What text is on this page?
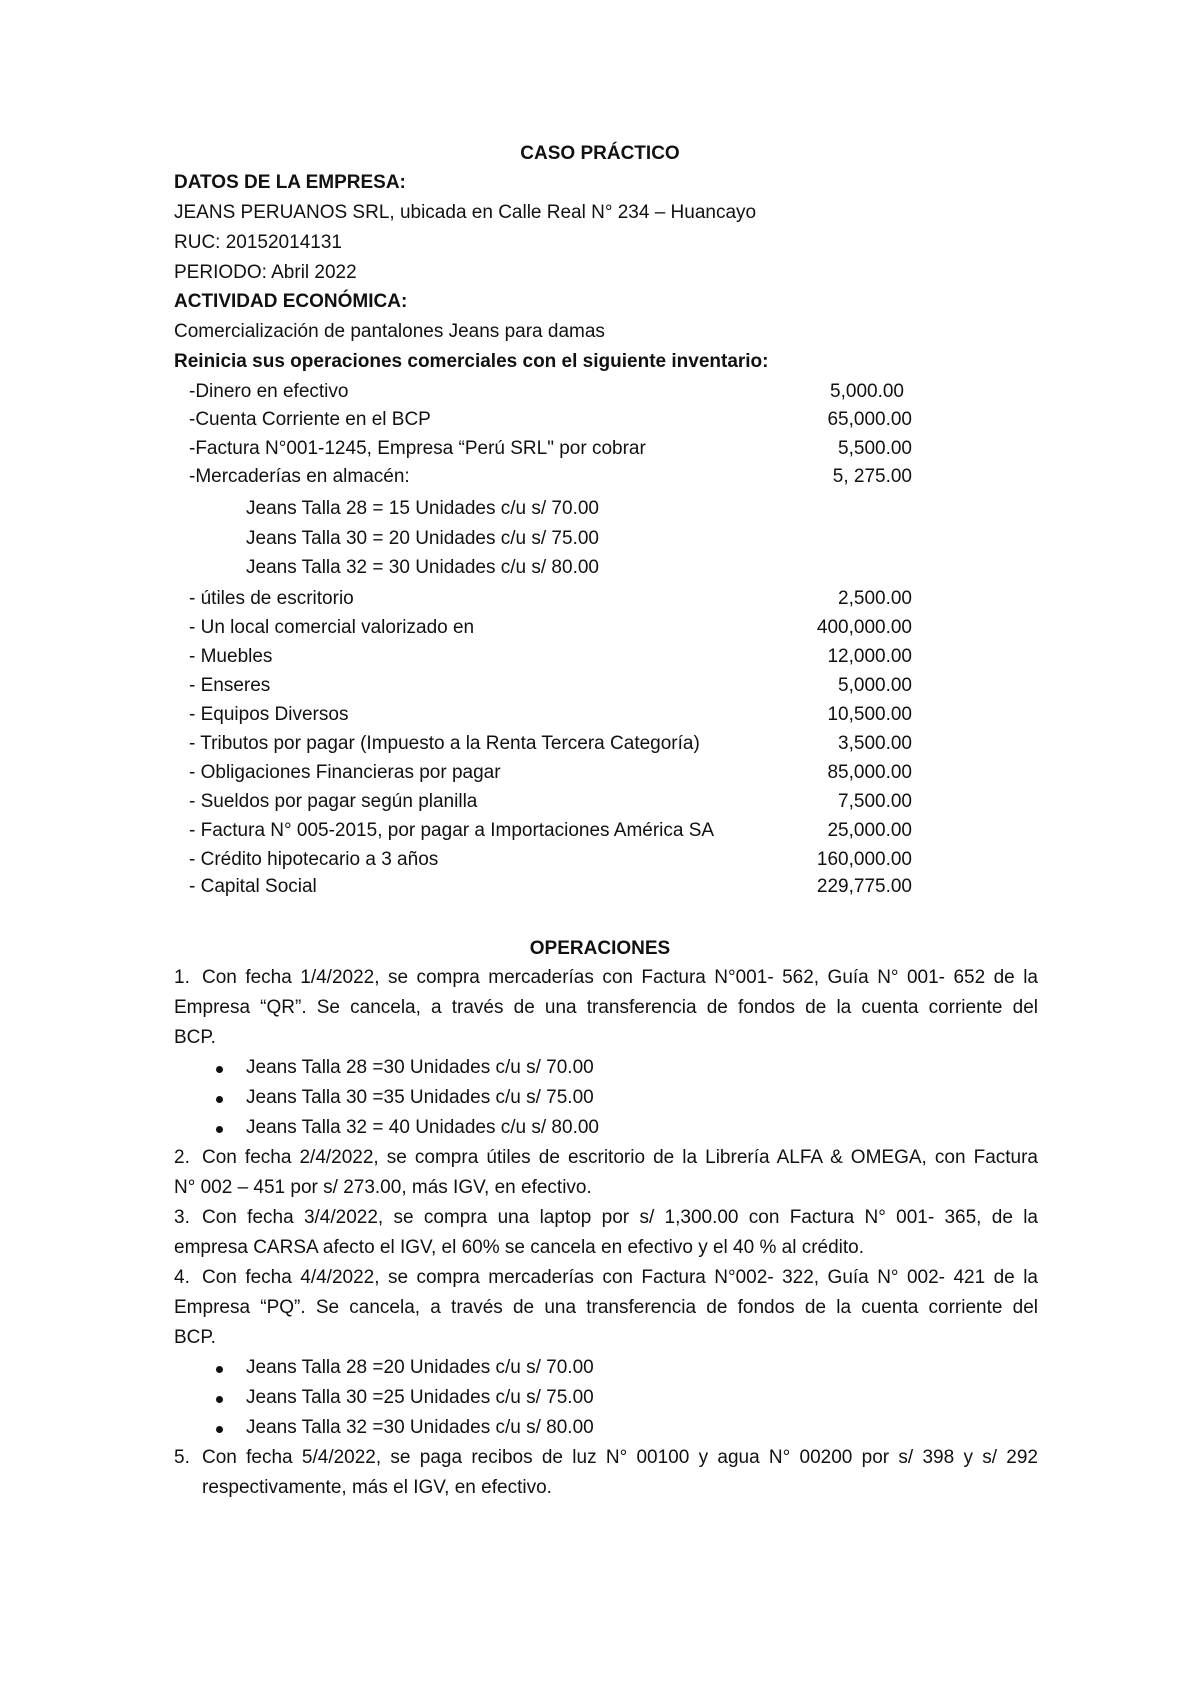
CASO PRÁCTICO
DATOS DE LA EMPRESA:
JEANS PERUANOS SRL, ubicada en Calle Real N° 234 – Huancayo
RUC: 20152014131
PERIODO: Abril 2022
ACTIVIDAD ECONÓMICA:
Comercialización de pantalones Jeans para damas
Reinicia sus operaciones comerciales con el siguiente inventario:
-Dinero en efectivo	5,000.00
-Cuenta Corriente en el BCP	65,000.00
-Factura N°001-1245, Empresa “Perú SRL" por cobrar	5,500.00
-Mercaderías en almacén:	5, 275.00
Jeans Talla 28 = 15 Unidades c/u s/ 70.00
Jeans Talla 30 = 20 Unidades c/u s/ 75.00
Jeans Talla 32 = 30 Unidades c/u s/ 80.00
- útiles de escritorio	2,500.00
- Un local comercial valorizado en	400,000.00
- Muebles	12,000.00
- Enseres	5,000.00
- Equipos Diversos	10,500.00
- Tributos por pagar (Impuesto a la Renta Tercera Categoría)	3,500.00
- Obligaciones Financieras por pagar	85,000.00
- Sueldos por pagar según planilla	7,500.00
- Factura N° 005-2015, por pagar a Importaciones América SA	25,000.00
- Crédito hipotecario a 3 años	160,000.00
- Capital Social	229,775.00
OPERACIONES
1. Con fecha 1/4/2022, se compra mercaderías con Factura N°001- 562, Guía N° 001- 652 de la
Empresa “QR”. Se cancela, a través de una transferencia de fondos de la cuenta corriente del
BCP.
Jeans Talla 28 =30 Unidades c/u s/ 70.00
Jeans Talla 30 =35 Unidades c/u s/ 75.00
Jeans Talla 32 = 40 Unidades c/u s/ 80.00
2. Con fecha 2/4/2022, se compra útiles de escritorio de la Librería ALFA & OMEGA, con Factura
N° 002 – 451 por s/ 273.00, más IGV, en efectivo.
3. Con fecha 3/4/2022, se compra una laptop por s/ 1,300.00 con Factura N° 001- 365, de la
empresa CARSA afecto el IGV, el 60% se cancela en efectivo y el 40 % al crédito.
4. Con fecha 4/4/2022, se compra mercaderías con Factura N°002- 322, Guía N° 002- 421 de la
Empresa “PQ”. Se cancela, a través de una transferencia de fondos de la cuenta corriente del
BCP.
Jeans Talla 28 =20 Unidades c/u s/ 70.00
Jeans Talla 30 =25 Unidades c/u s/ 75.00
Jeans Talla 32 =30 Unidades c/u s/ 80.00
5. Con fecha 5/4/2022, se paga recibos de luz N° 00100 y agua N° 00200 por s/ 398 y s/ 292
respectivamente, más el IGV, en efectivo.
